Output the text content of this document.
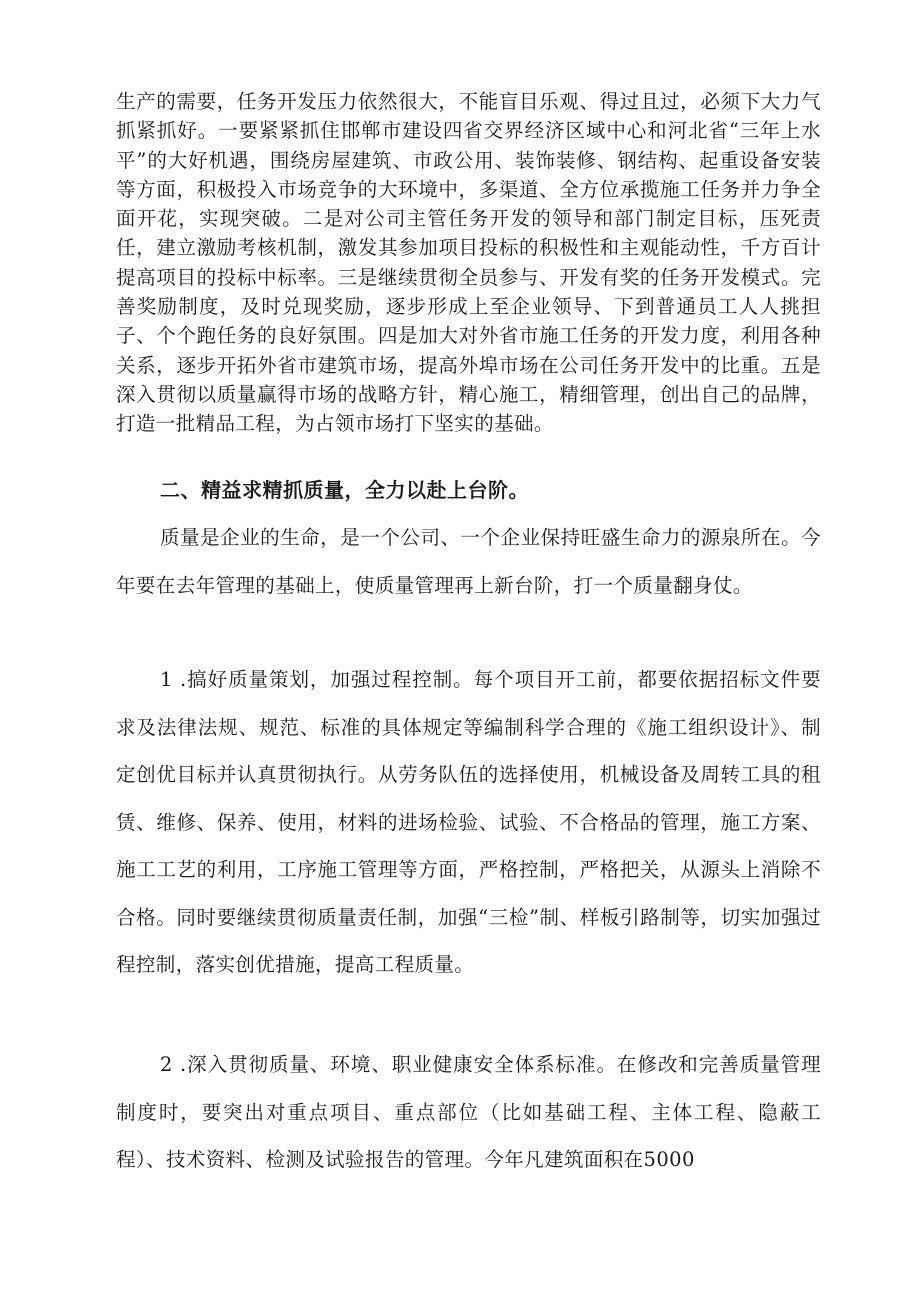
生产的需要，任务开发压力依然很大，不能盲目乐观、得过且过，必须下大力气抓紧抓好。一要紧紧抓住邯郸市建设四省交界经济区域中心和河北省“三年上水平”的大好机遇，围绕房屋建筑、市政公用、装饰装修、钢结构、起重设备安装等方面，积极投入市场竞争的大环境中，多渠道、全方位承揽施工任务并力争全面开花，实现突破。二是对公司主管任务开发的领导和部门制定目标，压死责任，建立激励考核机制，激发其参加项目投标的积极性和主观能动性，千方百计提高项目的投标中标率。三是继续贯彻全员参与、开发有奖的任务开发模式。完善奖励制度，及时兑现奖励，逐步形成上至企业领导、下到普通员工人人挑担子、个个跑任务的良好氛围。四是加大对外省市施工任务的开发力度，利用各种关系，逐步开拓外省市建筑市场，提高外埠市场在公司任务开发中的比重。五是深入贯彻以质量赢得市场的战略方针，精心施工，精细管理，创出自己的品牌，打造一批精品工程，为占领市场打下坚实的基础。

二、精益求精抓质量，全力以赴上台阶。

质量是企业的生命，是一个公司、一个企业保持旺盛生命力的源泉所在。今年要在去年管理的基础上，使质量管理再上新台阶，打一个质量翻身仗。

1 .搞好质量策划，加强过程控制。每个项目开工前，都要依据招标文件要求及法律法规、规范、标准的具体规定等编制科学合理的《施工组织设计》、制定创优目标并认真贯彻执行。从劳务队伍的选择使用，机械设备及周转工具的租赁、维修、保养、使用，材料的进场检验、试验、不合格品的管理，施工方案、施工工艺的利用，工序施工管理等方面，严格控制，严格把关，从源头上消除不合格。同时要继续贯彻质量责任制，加强“三检”制、样板引路制等，切实加强过程控制，落实创优措施，提高工程质量。

2 .深入贯彻质量、环境、职业健康安全体系标准。在修改和完善质量管理制度时，要突出对重点项目、重点部位（比如基础工程、主体工程、隐蔽工程）、技术资料、检测及试验报告的管理。今年凡建筑面积在5000
